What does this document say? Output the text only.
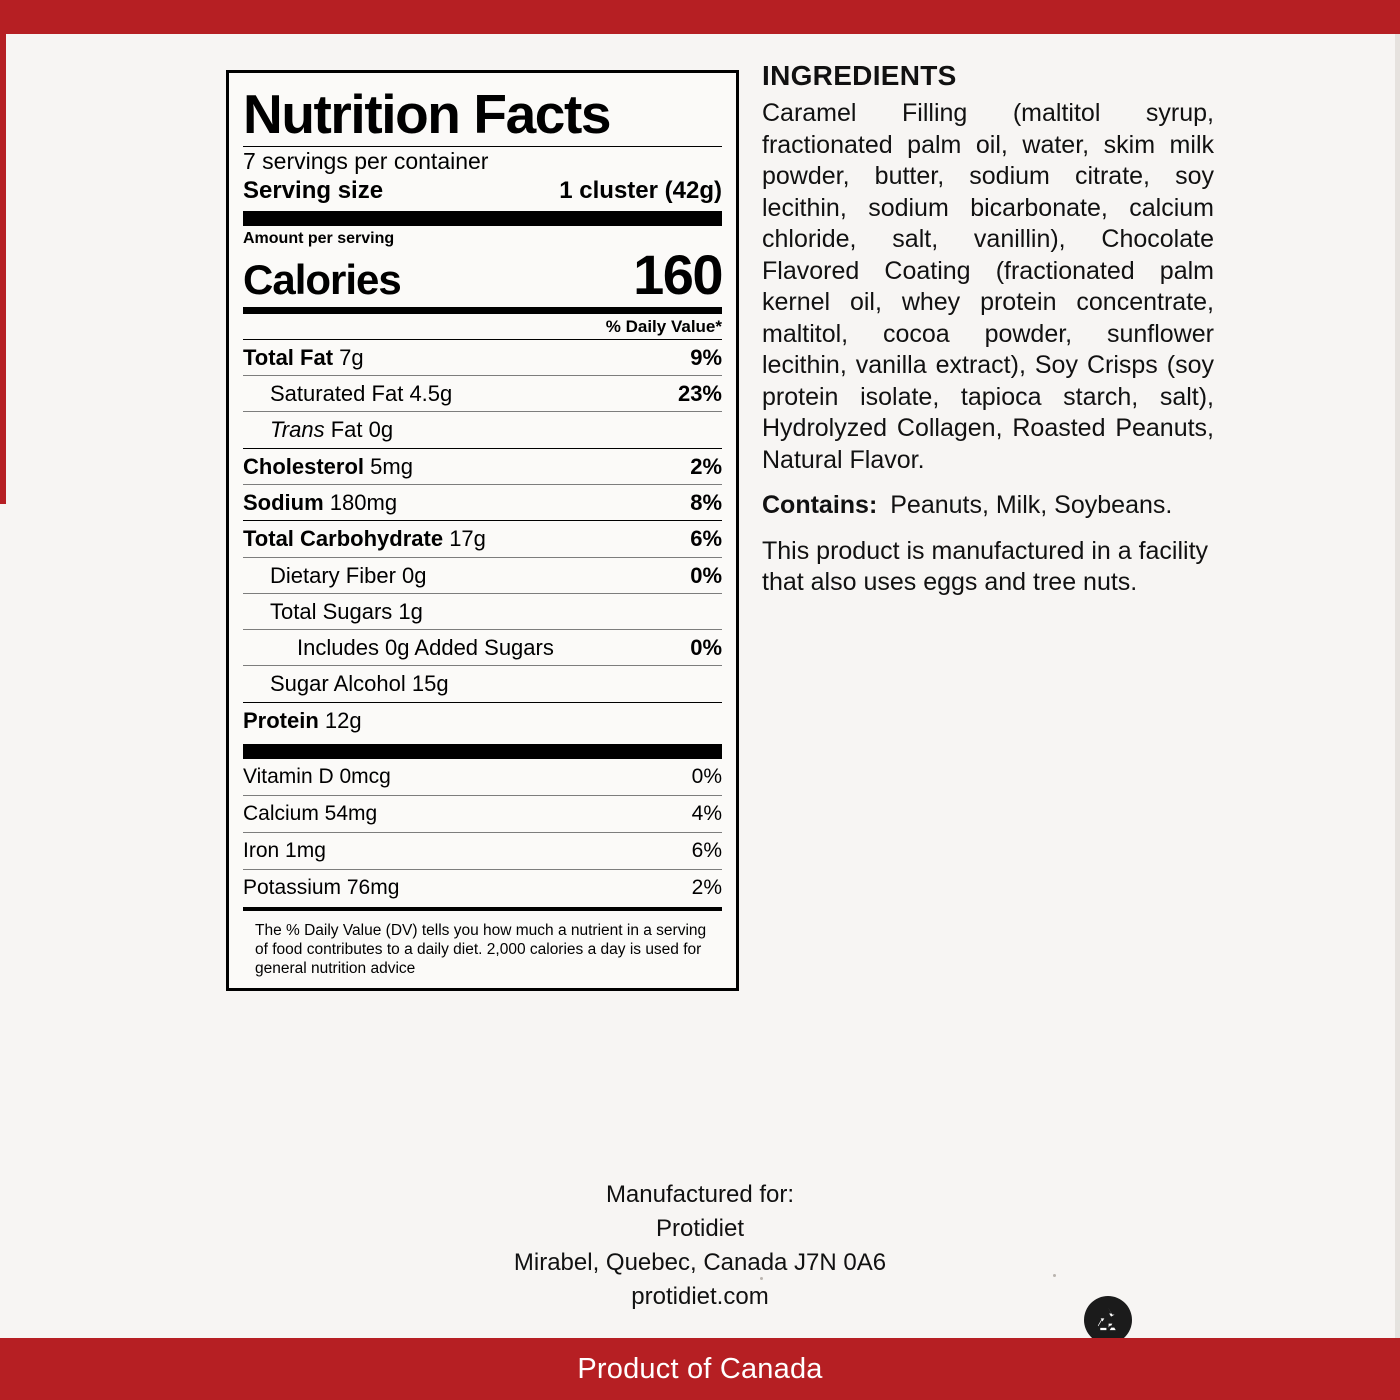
Nutrition Facts
7 servings per container
Serving size	1 cluster (42g)
Amount per serving
Calories	160
% Daily Value*
Total Fat 7g	9%
Saturated Fat 4.5g	23%
Trans Fat 0g
Cholesterol 5mg	2%
Sodium 180mg	8%
Total Carbohydrate 17g	6%
Dietary Fiber 0g	0%
Total Sugars 1g
Includes 0g Added Sugars	0%
Sugar Alcohol 15g
Protein 12g
Vitamin D 0mcg	0%
Calcium 54mg	4%
Iron 1mg	6%
Potassium 76mg	2%
The % Daily Value (DV) tells you how much a nutrient in a serving of food contributes to a daily diet. 2,000 calories a day is used for general nutrition advice
INGREDIENTS

Caramel Filling (maltitol syrup, fractionated palm oil, water, skim milk powder, butter, sodium citrate, soy lecithin, sodium bicarbonate, calcium chloride, salt, vanillin), Chocolate Flavored Coating (fractionated palm kernel oil, whey protein concentrate, maltitol, cocoa powder, sunflower lecithin, vanilla extract), Soy Crisps (soy protein isolate, tapioca starch, salt), Hydrolyzed Collagen, Roasted Peanuts, Natural Flavor.

Contains: Peanuts, Milk, Soybeans.

This product is manufactured in a facility that also uses eggs and tree nuts.

Manufactured for:
Protidiet
Mirabel, Quebec, Canada J7N 0A6
protidiet.com
Product of Canada
